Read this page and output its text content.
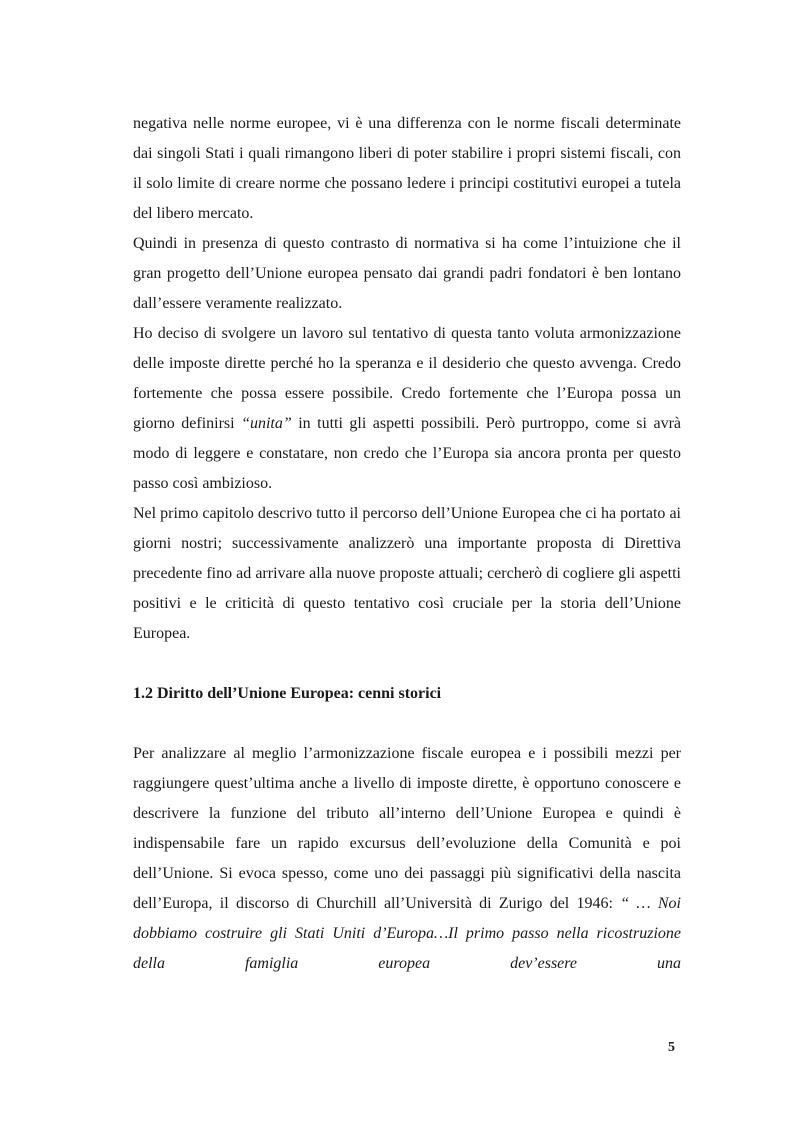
negativa nelle norme europee, vi è una differenza con le norme fiscali determinate dai singoli Stati i quali rimangono liberi di poter stabilire i propri sistemi fiscali, con il solo limite di creare norme che possano ledere i principi costitutivi europei a tutela del libero mercato.

Quindi in presenza di questo contrasto di normativa si ha come l’intuizione che il gran progetto dell’Unione europea pensato dai grandi padri fondatori è ben lontano dall’essere veramente realizzato.

Ho deciso di svolgere un lavoro sul tentativo di questa tanto voluta armonizzazione delle imposte dirette perché ho la speranza e il desiderio che questo avvenga. Credo fortemente che possa essere possibile. Credo fortemente che l’Europa possa un giorno definirsi “unita” in tutti gli aspetti possibili. Però purtroppo, come si avrà modo di leggere e constatare, non credo che l’Europa sia ancora pronta per questo passo così ambizioso.

Nel primo capitolo descrivo tutto il percorso dell’Unione Europea che ci ha portato ai giorni nostri; successivamente analizzerò una importante proposta di Direttiva precedente fino ad arrivare alla nuove proposte attuali; cercherò di cogliere gli aspetti positivi e le criticità di questo tentativo così cruciale per la storia dell’Unione Europea.

1.2 Diritto dell’Unione Europea: cenni storici

Per analizzare al meglio l’armonizzazione fiscale europea e i possibili mezzi per raggiungere quest’ultima anche a livello di imposte dirette, è opportuno conoscere e descrivere la funzione del tributo all’interno dell’Unione Europea e quindi è indispensabile fare un rapido excursus dell’evoluzione della Comunità e poi dell’Unione. Si evoca spesso, come uno dei passaggi più significativi della nascita dell’Europa, il discorso di Churchill all’Università di Zurigo del 1946: “ … Noi dobbiamo costruire gli Stati Uniti d’Europa…Il primo passo nella ricostruzione della famiglia europea dev’essere una

5
